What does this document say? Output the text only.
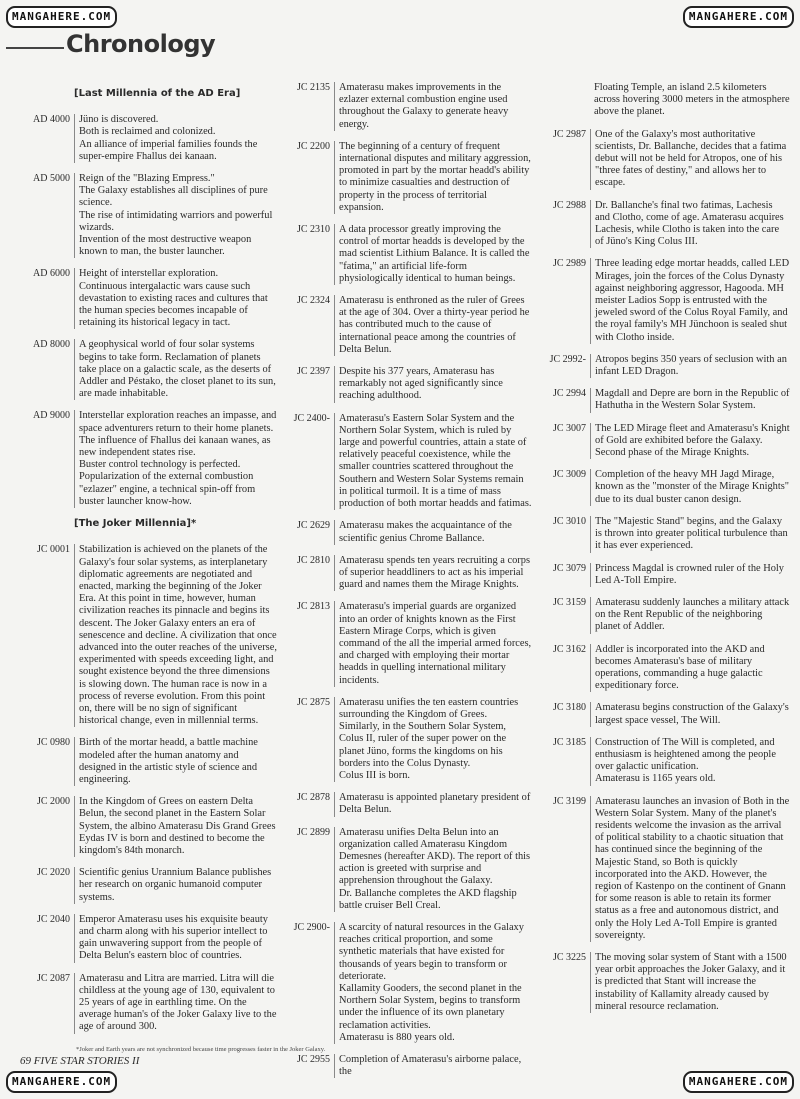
MANGAHERE.COM	MANGAHERE.COM
Chronology
[Last Millennia of the AD Era]
AD 4000 Jüno is discovered.
Both is reclaimed and colonized.
An alliance of imperial families founds the super-empire Fhallus dei kanaan.
AD 5000 Reign of the "Blazing Empress."
The Galaxy establishes all disciplines of pure science.
The rise of intimidating warriors and powerful wizards.
Invention of the most destructive weapon known to man, the buster launcher.
AD 6000 Height of interstellar exploration.
Continuous intergalactic wars cause such devastation to existing races and cultures that the human species becomes incapable of retaining its historical legacy in tact.
AD 8000 A geophysical world of four solar systems begins to take form. Reclamation of planets take place on a galactic scale, as the deserts of Addler and Péstako, the closet planet to its sun, are made inhabitable.
AD 9000 Interstellar exploration reaches an impasse, and space adventurers return to their home planets.
The influence of Fhallus dei kanaan wanes, as new independent states rise.
Buster control technology is perfected.
Popularization of the external combustion "ezlazer" engine, a technical spin-off from buster launcher know-how.
[The Joker Millennia]*
JC 0001 Stabilization is achieved on the planets of the Galaxy's four solar systems, as interplanetary diplomatic agreements are negotiated and enacted, marking the beginning of the Joker Era. At this point in time, however, human civilization reaches its pinnacle and begins its descent. The Joker Galaxy enters an era of senescence and decline. A civilization that once advanced into the outer reaches of the universe, experimented with speeds exceeding light, and sought existence beyond the three dimensions is slowing down. The human race is now in a process of reverse evolution. From this point on, there will be no sign of significant historical change, even in millennial terms.
JC 0980 Birth of the mortar headd, a battle machine modeled after the human anatomy and designed in the artistic style of science and engineering.
JC 2000 In the Kingdom of Grees on eastern Delta Belun, the second planet in the Eastern Solar System, the albino Amaterasu Dis Grand Grees Eydas IV is born and destined to become the kingdom's 84th monarch.
JC 2020 Scientific genius Urannium Balance publishes her research on organic humanoid computer systems.
JC 2040 Emperor Amaterasu uses his exquisite beauty and charm along with his superior intellect to gain unwavering support from the people of Delta Belun's eastern bloc of countries.
JC 2087 Amaterasu and Litra are married. Litra will die childless at the young age of 130, equivalent to 25 years of age in earthling time. On the average human's of the Joker Galaxy live to the age of around 300.
JC 2135 Amaterasu makes improvements in the ezlazer external combustion engine used throughout the Galaxy to generate heavy energy.
JC 2200 The beginning of a century of frequent international disputes and military aggression, promoted in part by the mortar headd's ability to minimize casualties and destruction of property in the process of territorial expansion.
JC 2310 A data processor greatly improving the control of mortar headds is developed by the mad scientist Lithium Balance. It is called the "fatima," an artificial life-form physiologically identical to human beings.
JC 2324 Amaterasu is enthroned as the ruler of Grees at the age of 304. Over a thirty-year period he has contributed much to the cause of international peace among the countries of Delta Belun.
JC 2397 Despite his 377 years, Amaterasu has remarkably not aged significantly since reaching adulthood.
JC 2400- Amaterasu's Eastern Solar System and the Northern Solar System, which is ruled by large and powerful countries, attain a state of relatively peaceful coexistence, while the smaller countries scattered throughout the Southern and Western Solar Systems remain in political turmoil. It is a time of mass production of both mortar headds and fatimas.
JC 2629 Amaterasu makes the acquaintance of the scientific genius Chrome Ballance.
JC 2810 Amaterasu spends ten years recruiting a corps of superior headdliners to act as his imperial guard and names them the Mirage Knights.
JC 2813 Amaterasu's imperial guards are organized into an order of knights known as the First Eastern Mirage Corps, which is given command of the all the imperial armed forces, and charged with employing their mortar headds in quelling international military incidents.
JC 2875 Amaterasu unifies the ten eastern countries surrounding the Kingdom of Grees.
Similarly, in the Southern Solar System, Colus II, ruler of the super power on the planet Jüno, forms the kingdoms on his borders into the Colus Dynasty.
Colus III is born.
JC 2878 Amaterasu is appointed planetary president of Delta Belun.
JC 2899 Amaterasu unifies Delta Belun into an organization called Amaterasu Kingdom Demesnes (hereafter AKD). The report of this action is greeted with surprise and apprehension throughout the Galaxy.
Dr. Ballanche completes the AKD flagship battle cruiser Bell Creal.
JC 2900- A scarcity of natural resources in the Galaxy reaches critical proportion, and some synthetic materials that have existed for thousands of years begin to transform or deteriorate.
Kallamity Gooders, the second planet in the Northern Solar System, begins to transform under the influence of its own planetary reclamation activities.
Amaterasu is 880 years old.
JC 2955 Completion of Amaterasu's airborne palace, the
Floating Temple, an island 2.5 kilometers across hovering 3000 meters in the atmosphere above the planet.
JC 2987 One of the Galaxy's most authoritative scientists, Dr. Ballanche, decides that a fatima debut will not be held for Atropos, one of his "three fates of destiny," and allows her to escape.
JC 2988 Dr. Ballanche's final two fatimas, Lachesis and Clotho, come of age. Amaterasu acquires Lachesis, while Clotho is taken into the care of Jüno's King Colus III.
JC 2989 Three leading edge mortar headds, called LED Mirages, join the forces of the Colus Dynasty against neighboring aggressor, Hagooda. MH meister Ladios Sopp is entrusted with the jeweled sword of the Colus Royal Family, and the royal family's MH Jünchoon is sealed shut with Clotho inside.
JC 2992- Atropos begins 350 years of seclusion with an infant LED Dragon.
JC 2994 Magdall and Depre are born in the Republic of Hathutha in the Western Solar System.
JC 3007 The LED Mirage fleet and Amaterasu's Knight of Gold are exhibited before the Galaxy.
Second phase of the Mirage Knights.
JC 3009 Completion of the heavy MH Jagd Mirage, known as the "monster of the Mirage Knights" due to its dual buster canon design.
JC 3010 The "Majestic Stand" begins, and the Galaxy is thrown into greater political turbulence than it has ever experienced.
JC 3079 Princess Magdal is crowned ruler of the Holy Led A-Toll Empire.
JC 3159 Amaterasu suddenly launches a military attack on the Rent Republic of the neighboring planet of Addler.
JC 3162 Addler is incorporated into the AKD and becomes Amaterasu's base of military operations, commanding a huge galactic expeditionary force.
JC 3180 Amaterasu begins construction of the Galaxy's largest space vessel, The Will.
JC 3185 Construction of The Will is completed, and enthusiasm is heightened among the people over galactic unification.
Amaterasu is 1165 years old.
JC 3199 Amaterasu launches an invasion of Both in the Western Solar System. Many of the planet's residents welcome the invasion as the arrival of political stability to a chaotic situation that has continued since the beginning of the Majestic Stand, so Both is quickly incorporated into the AKD. However, the region of Kastenpo on the continent of Gnann for some reason is able to retain its former status as a free and autonomous district, and only the Holy Led A-Toll Empire is granted sovereignty.
JC 3225 The moving solar system of Stant with a 1500 year orbit approaches the Joker Galaxy, and it is predicted that Stant will increase the instability of Kallamity already caused by mineral resource reclamation.
*Joker and Earth years are not synchronized because time progresses faster in the Joker Galaxy.
69 FIVE STAR STORIES II
MANGAHERE.COM	MANGAHERE.COM
